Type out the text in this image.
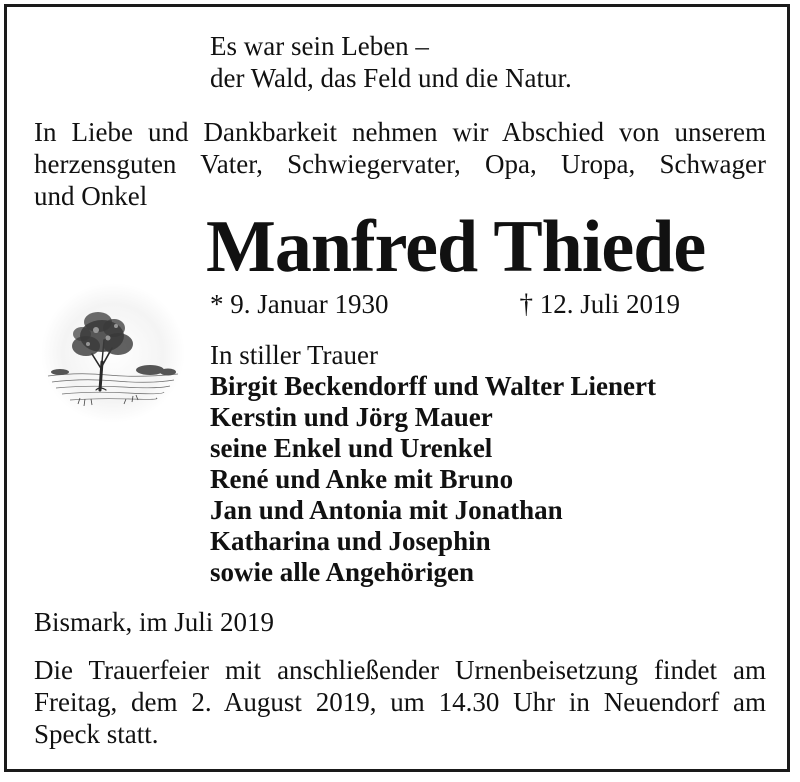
Es war sein Leben –
der Wald, das Feld und die Natur.
In Liebe und Dankbarkeit nehmen wir Abschied von unserem
herzensguten Vater, Schwiegervater, Opa, Uropa, Schwager
und Onkel
Manfred Thiede
* 9. Januar 1930	† 12. Juli 2019
In stiller Trauer
Birgit Beckendorff und Walter Lienert
Kerstin und Jörg Mauer
seine Enkel und Urenkel
René und Anke mit Bruno
Jan und Antonia mit Jonathan
Katharina und Josephin
sowie alle Angehörigen
Bismark, im Juli 2019
Die Trauerfeier mit anschließender Urnenbeisetzung findet am
Freitag, dem 2. August 2019, um 14.30 Uhr in Neuendorf am
Speck statt.
